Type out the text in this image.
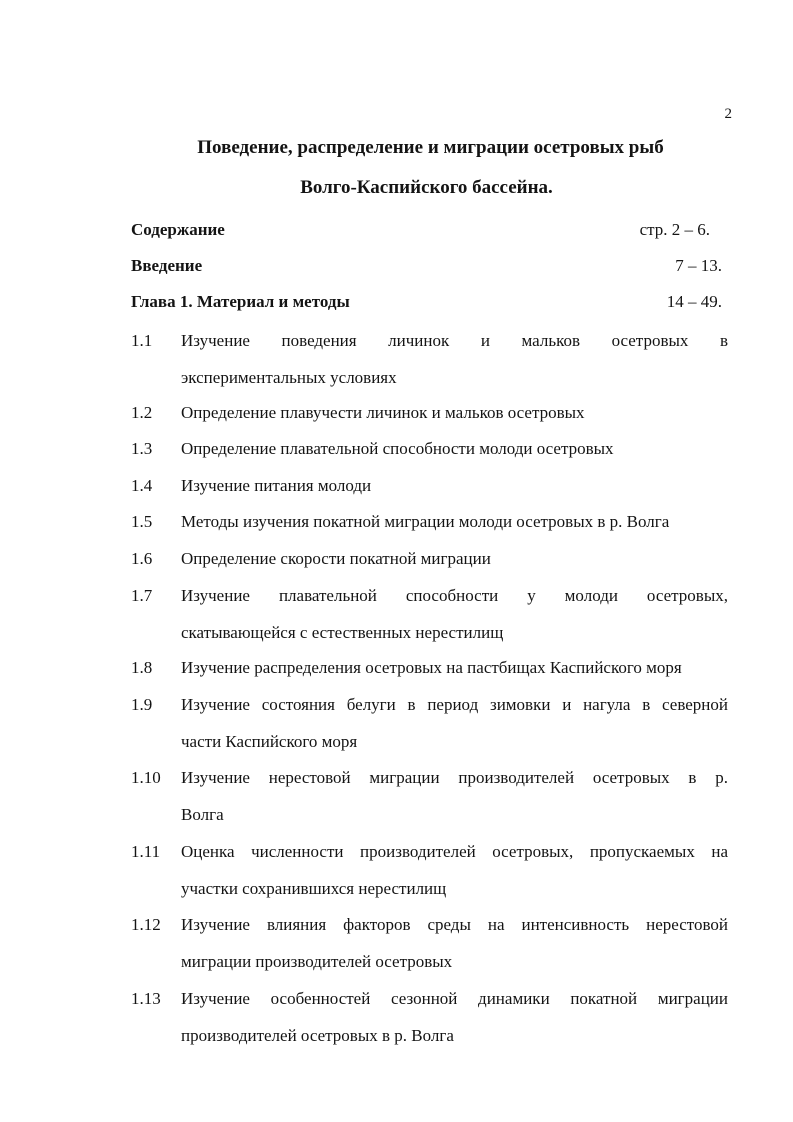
2
Поведение, распределение и миграции осетровых рыб
Волго-Каспийского бассейна.
Содержание	стр. 2 – 6.
Введение	7 – 13.
Глава 1. Материал и методы	14 – 49.
1.1 Изучение поведения личинок и мальков осетровых в
экспериментальных условиях
1.2 Определение плавучести личинок и мальков осетровых
1.3 Определение плавательной способности молоди осетровых
1.4 Изучение питания молоди
1.5 Методы изучения покатной миграции молоди осетровых в р. Волга
1.6 Определение скорости покатной миграции
1.7 Изучение плавательной способности у молоди осетровых,
скатывающейся с естественных нерестилищ
1.8 Изучение распределения осетровых на пастбищах Каспийского моря
1.9 Изучение состояния белуги в период зимовки и нагула в северной
части Каспийского моря
1.10 Изучение нерестовой миграции производителей осетровых в р.
Волга
1.11 Оценка численности производителей осетровых, пропускаемых на
участки сохранившихся нерестилищ
1.12 Изучение влияния факторов среды на интенсивность нерестовой
миграции производителей осетровых
1.13 Изучение особенностей сезонной динамики покатной миграции
производителей осетровых в р. Волга
